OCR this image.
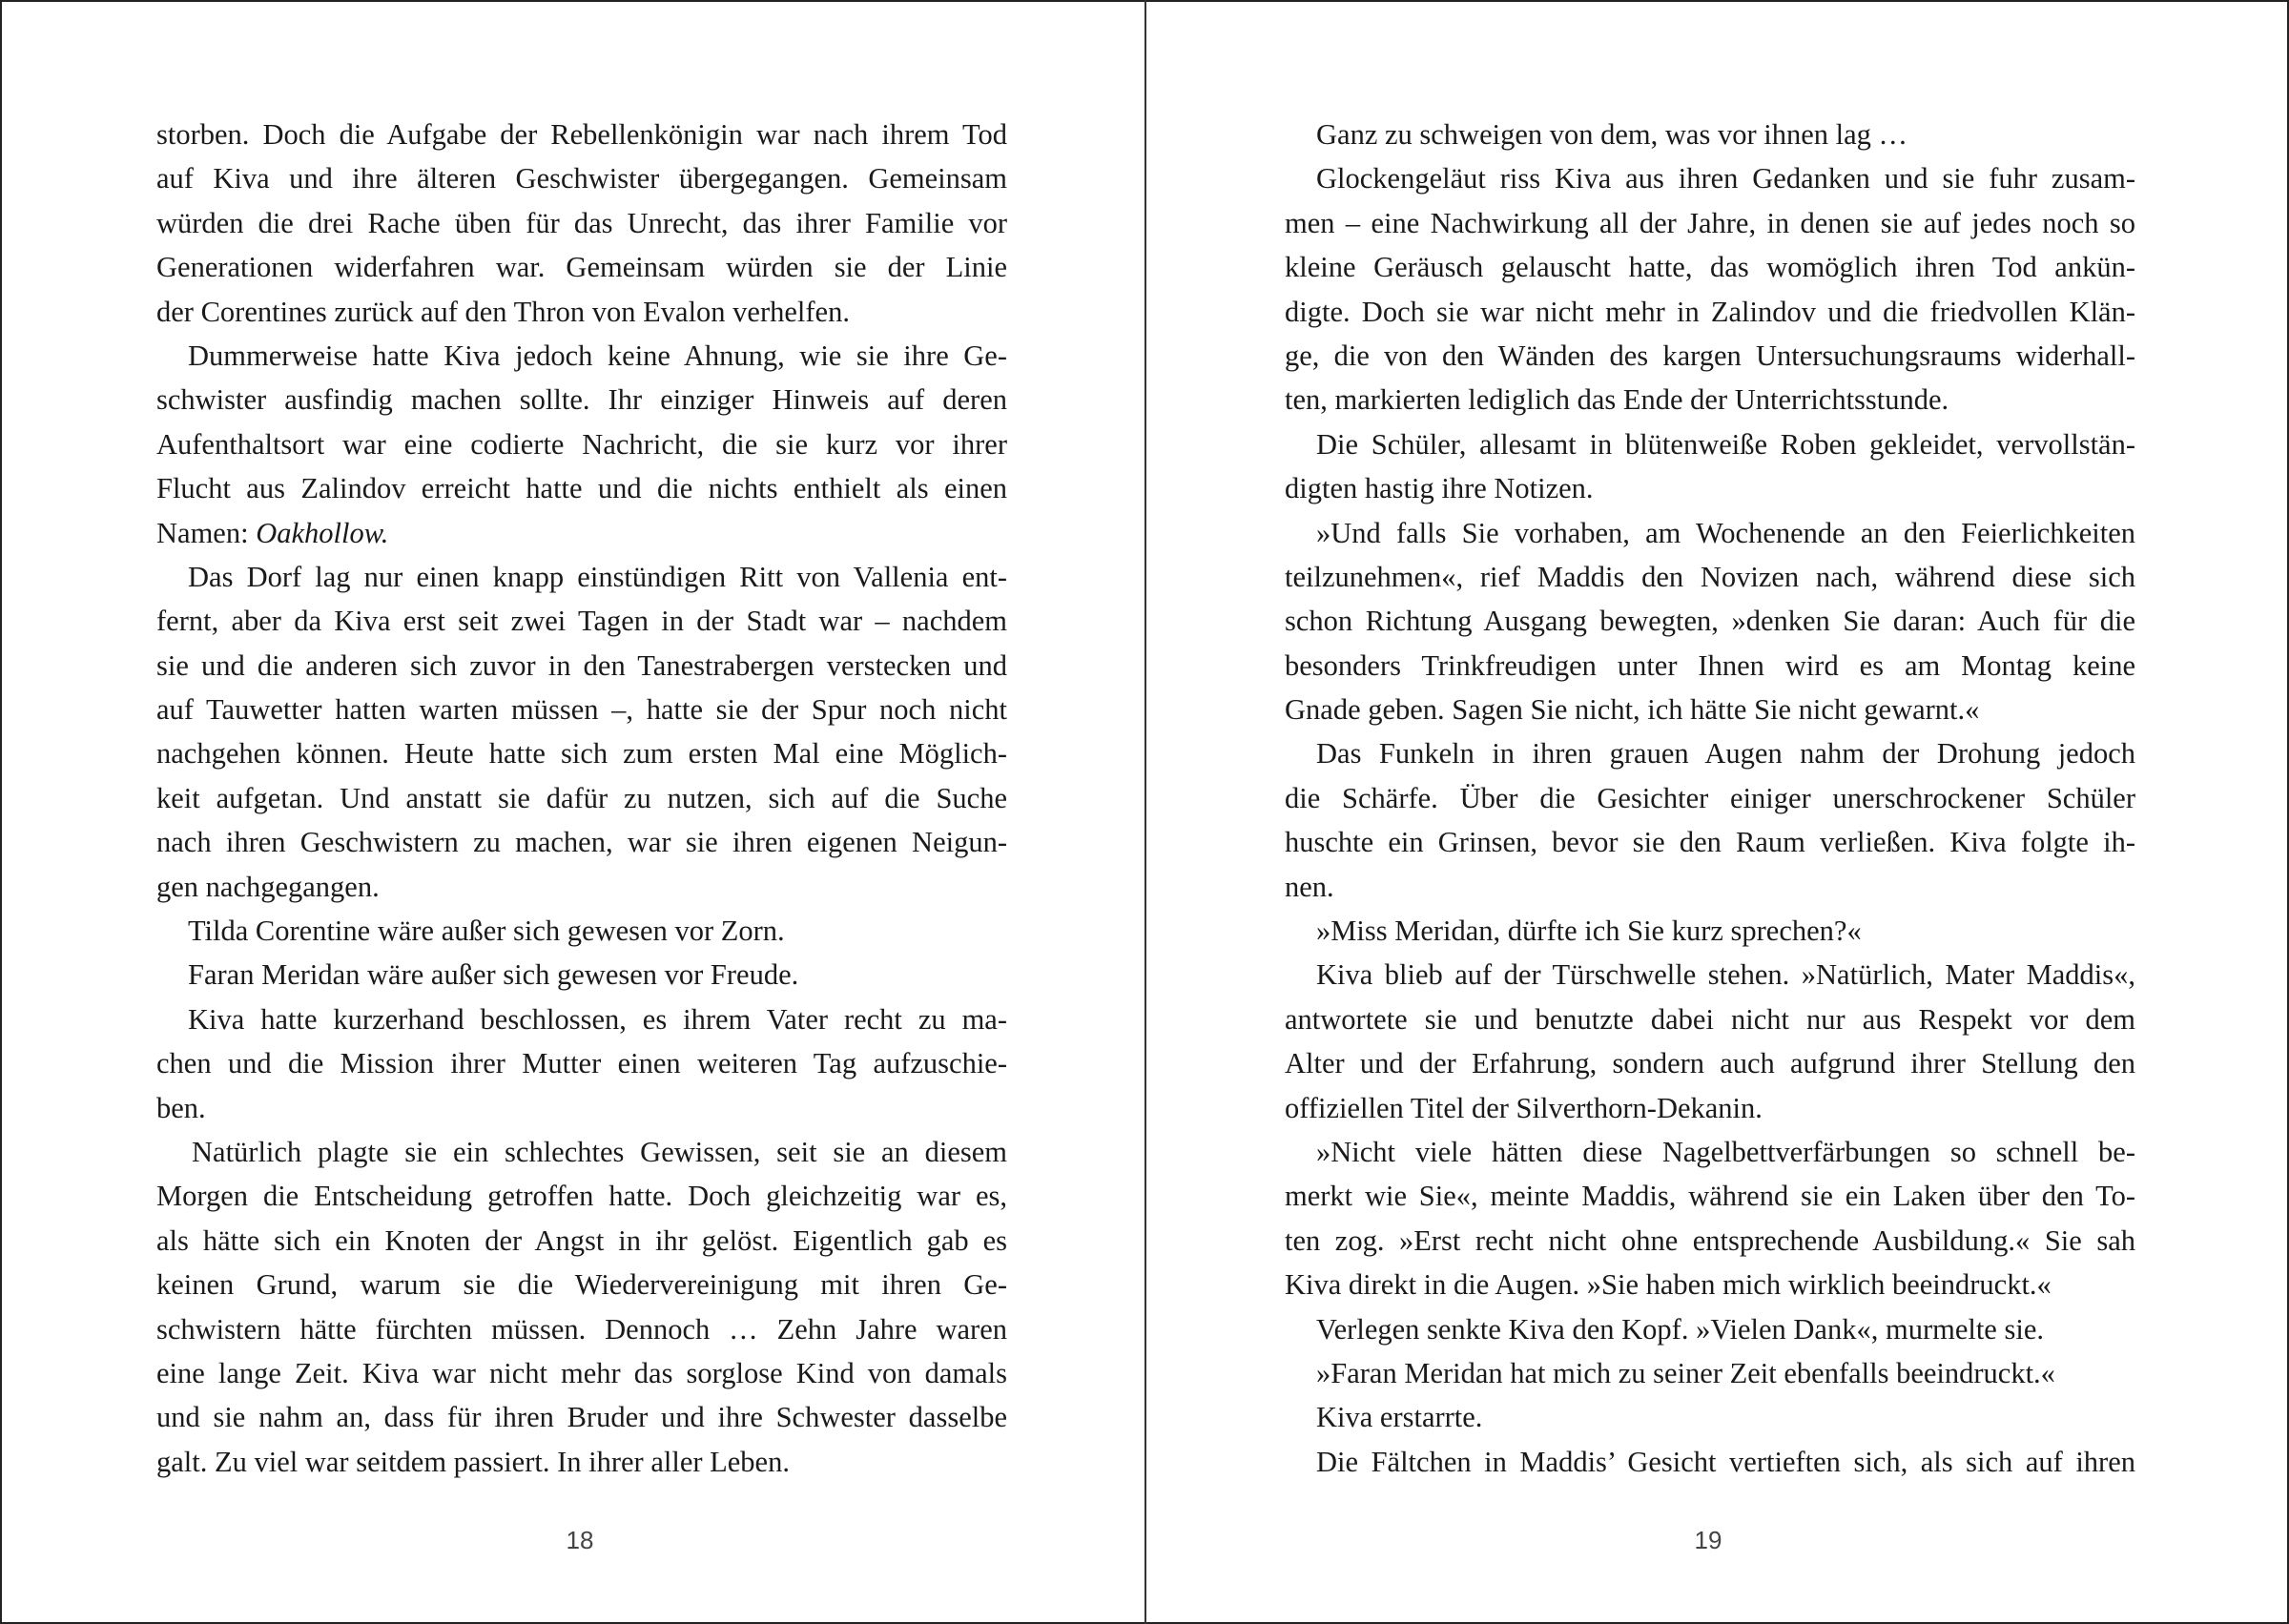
storben. Doch die Aufgabe der Rebellenkönigin war nach ihrem Tod
auf Kiva und ihre älteren Geschwister übergegangen. Gemeinsam
würden die drei Rache üben für das Unrecht, das ihrer Familie vor
Generationen widerfahren war. Gemeinsam würden sie der Linie
der Corentines zurück auf den Thron von Evalon verhelfen.
Dummerweise hatte Kiva jedoch keine Ahnung, wie sie ihre Ge-
schwister ausfindig machen sollte. Ihr einziger Hinweis auf deren
Aufenthaltsort war eine codierte Nachricht, die sie kurz vor ihrer
Flucht aus Zalindov erreicht hatte und die nichts enthielt als einen
Namen: Oakhollow.
Das Dorf lag nur einen knapp einstündigen Ritt von Vallenia ent-
fernt, aber da Kiva erst seit zwei Tagen in der Stadt war – nachdem
sie und die anderen sich zuvor in den Tanestrabergen verstecken und
auf Tauwetter hatten warten müssen –, hatte sie der Spur noch nicht
nachgehen können. Heute hatte sich zum ersten Mal eine Möglich-
keit aufgetan. Und anstatt sie dafür zu nutzen, sich auf die Suche
nach ihren Geschwistern zu machen, war sie ihren eigenen Neigun-
gen nachgegangen.
Tilda Corentine wäre außer sich gewesen vor Zorn.
Faran Meridan wäre außer sich gewesen vor Freude.
Kiva hatte kurzerhand beschlossen, es ihrem Vater recht zu ma-
chen und die Mission ihrer Mutter einen weiteren Tag aufzuschie-
ben.
Natürlich plagte sie ein schlechtes Gewissen, seit sie an diesem
Morgen die Entscheidung getroffen hatte. Doch gleichzeitig war es,
als hätte sich ein Knoten der Angst in ihr gelöst. Eigentlich gab es
keinen Grund, warum sie die Wiedervereinigung mit ihren Ge-
schwistern hätte fürchten müssen. Dennoch … Zehn Jahre waren
eine lange Zeit. Kiva war nicht mehr das sorglose Kind von damals
und sie nahm an, dass für ihren Bruder und ihre Schwester dasselbe
galt. Zu viel war seitdem passiert. In ihrer aller Leben.
18
Ganz zu schweigen von dem, was vor ihnen lag …
Glockengeläut riss Kiva aus ihren Gedanken und sie fuhr zusam-
men – eine Nachwirkung all der Jahre, in denen sie auf jedes noch so
kleine Geräusch gelauscht hatte, das womöglich ihren Tod ankün-
digte. Doch sie war nicht mehr in Zalindov und die friedvollen Klän-
ge, die von den Wänden des kargen Untersuchungsraums widerhall-
ten, markierten lediglich das Ende der Unterrichtsstunde.
Die Schüler, allesamt in blütenweiße Roben gekleidet, vervollstän-
digten hastig ihre Notizen.
»Und falls Sie vorhaben, am Wochenende an den Feierlichkeiten
teilzunehmen«, rief Maddis den Novizen nach, während diese sich
schon Richtung Ausgang bewegten, »denken Sie daran: Auch für die
besonders Trinkfreudigen unter Ihnen wird es am Montag keine
Gnade geben. Sagen Sie nicht, ich hätte Sie nicht gewarnt.«
Das Funkeln in ihren grauen Augen nahm der Drohung jedoch
die Schärfe. Über die Gesichter einiger unerschrockener Schüler
huschte ein Grinsen, bevor sie den Raum verließen. Kiva folgte ih-
nen.
»Miss Meridan, dürfte ich Sie kurz sprechen?«
Kiva blieb auf der Türschwelle stehen. »Natürlich, Mater Maddis«,
antwortete sie und benutzte dabei nicht nur aus Respekt vor dem
Alter und der Erfahrung, sondern auch aufgrund ihrer Stellung den
offiziellen Titel der Silverthorn-Dekanin.
»Nicht viele hätten diese Nagelbettverfärbungen so schnell be-
merkt wie Sie«, meinte Maddis, während sie ein Laken über den To-
ten zog. »Erst recht nicht ohne entsprechende Ausbildung.« Sie sah
Kiva direkt in die Augen. »Sie haben mich wirklich beeindruckt.«
Verlegen senkte Kiva den Kopf. »Vielen Dank«, murmelte sie.
»Faran Meridan hat mich zu seiner Zeit ebenfalls beeindruckt.«
Kiva erstarrte.
Die Fältchen in Maddis’ Gesicht vertieften sich, als sich auf ihren
19
